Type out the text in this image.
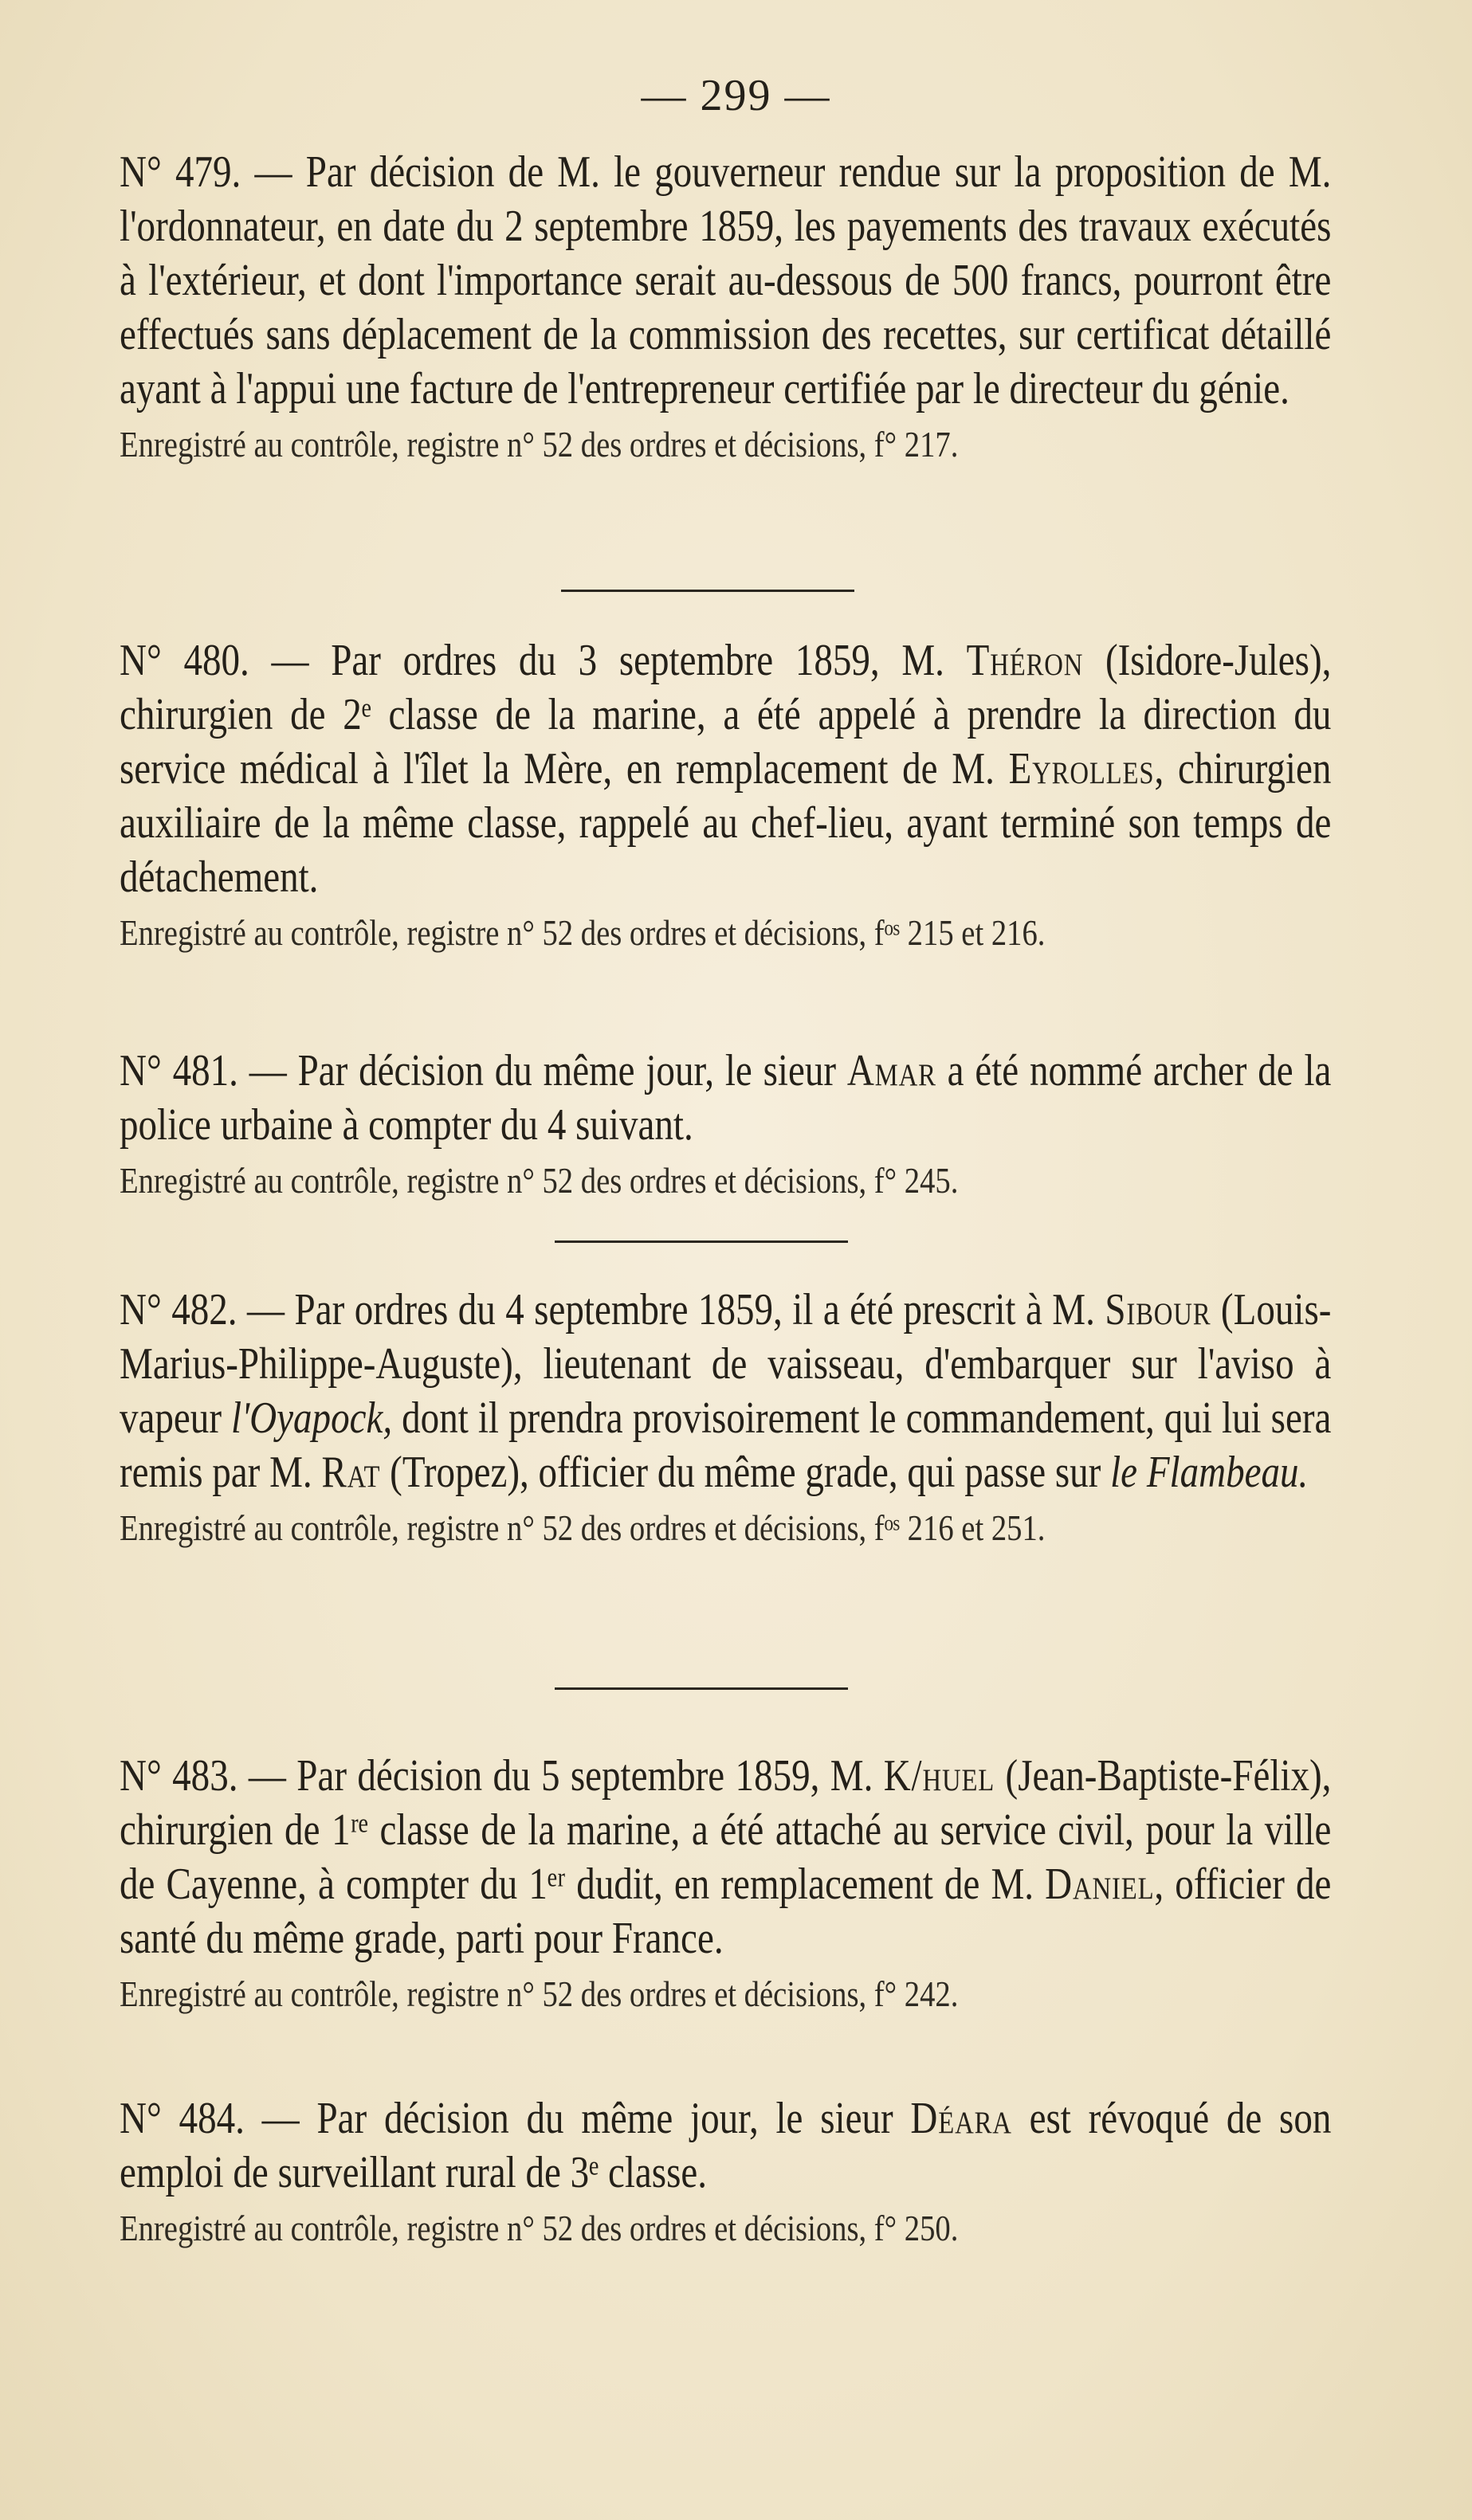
— 299 —

N° 479. — Par décision de M. le gouverneur rendue sur la proposition de M. l'ordonnateur, en date du 2 septembre 1859, les payements des travaux exécutés à l'extérieur, et dont l'importance serait au-dessous de 500 francs, pourront être effectués sans déplacement de la commission des recettes, sur certificat détaillé ayant à l'appui une facture de l'entrepreneur certifiée par le directeur du génie.

Enregistré au contrôle, registre n° 52 des ordres et décisions, f° 217.

N° 480. — Par ordres du 3 septembre 1859, M. Théron (Isidore-Jules), chirurgien de 2ᵉ classe de la marine, a été appelé à prendre la direction du service médical à l'îlet la Mère, en remplacement de M. Eyrolles, chirurgien auxiliaire de la même classe, rappelé au chef-lieu, ayant terminé son temps de détachement.

Enregistré au contrôle, registre n° 52 des ordres et décisions, fᵒˢ 215 et 216.

N° 481. — Par décision du même jour, le sieur Amar a été nommé archer de la police urbaine à compter du 4 suivant.

Enregistré au contrôle, registre n° 52 des ordres et décisions, f° 245.

N° 482. — Par ordres du 4 septembre 1859, il a été prescrit à M. Sibour (Louis-Marius-Philippe-Auguste), lieutenant de vaisseau, d'embarquer sur l'aviso à vapeur l'Oyapock, dont il prendra provisoirement le commandement, qui lui sera remis par M. Rat (Tropez), officier du même grade, qui passe sur le Flambeau.

Enregistré au contrôle, registre n° 52 des ordres et décisions, fᵒˢ 216 et 251.

N° 483. — Par décision du 5 septembre 1859, M. K/huel (Jean-Baptiste-Félix), chirurgien de 1ʳᵉ classe de la marine, a été attaché au service civil, pour la ville de Cayenne, à compter du 1ᵉʳ dudit, en remplacement de M. Daniel, officier de santé du même grade, parti pour France.

Enregistré au contrôle, registre n° 52 des ordres et décisions, f° 242.

N° 484. — Par décision du même jour, le sieur Déara est révoqué de son emploi de surveillant rural de 3ᵉ classe.

Enregistré au contrôle, registre n° 52 des ordres et décisions, f° 250.
